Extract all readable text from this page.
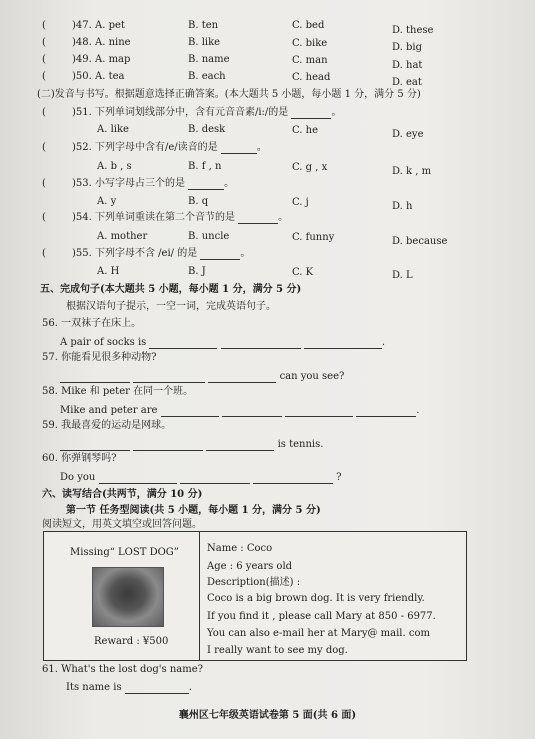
(	)47. A. pet	B. ten	C. bed	D. these
(	)48. A. nine	B. like	C. bike	D. big
(	)49. A. map	B. name	C. man	D. hat
(	)50. A. tea	B. each	C. head	D. eat
(二)发音与书写。根据题意选择正确答案。(本大题共 5 小题，每小题 1 分，满分 5 分)
(	)51. 下列单词划线部分中，含有元音音素/i:/的是	。
A. like	B. desk	C. he	D. eye
(	)52. 下列字母中含有/e/读音的是	。
A. b , s	B. f , n	C. g , x	D. k , m
(	)53. 小写字母占三个的是	。
A. y	B. q	C. j	D. h
(	)54. 下列单词重读在第二个音节的是	。
A. mother	B. uncle	C. funny	D. because
(	)55. 下列字母不含 /ei/ 的是	。
A. H	B. J	C. K	D. L
五、完成句子(本大题共 5 小题，每小题 1 分，满分 5 分)
根据汉语句子提示，一空一词，完成英语句子。
56. 一双袜子在床上。
A pair of socks is	.
57. 你能看见很多种动物?
can you see?
58. Mike 和 peter 在同一个班。
Mike and peter are	.
59. 我最喜爱的运动是网球。
is tennis.
60. 你弹钢琴吗?
Do you	?
六、读写结合(共两节，满分 10 分)
第一节 任务型阅读(共 5 小题，每小题 1 分，满分 5 分)
阅读短文，用英文填空或回答问题。
Missing“ LOST DOG”
Reward : ¥500
Name : Coco
Age : 6 years old
Description(描述) :
Coco is a big brown dog. It is very friendly.
If you find it , please call Mary at 850 - 6977.
You can also e-mail her at Mary@ mail. com
I really want to see my dog.
61. What's the lost dog's name?
Its name is	.
襄州区七年级英语试卷第 5 面(共 6 面)
